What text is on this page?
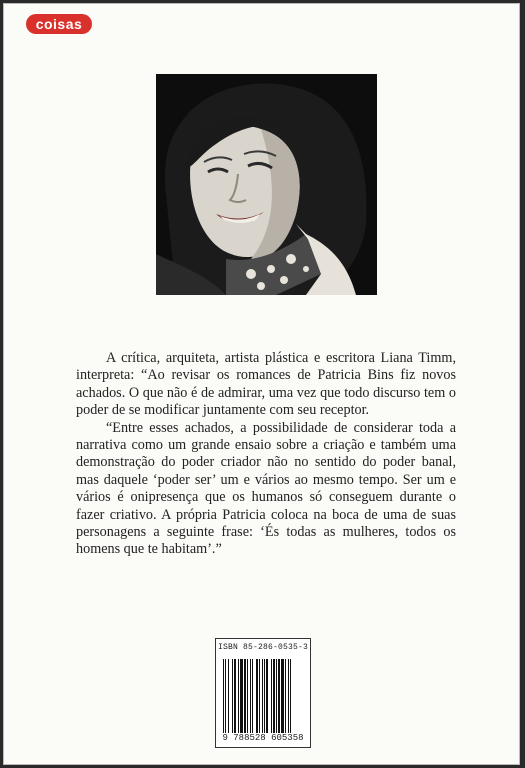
coisas

A crítica, arquiteta, artista plástica e escritora Liana Timm, interpreta: “Ao revisar os romances de Patricia Bins fiz novos achados. O que não é de admirar, uma vez que todo discurso tem o poder de se modificar juntamente com seu receptor.

“Entre esses achados, a possibilidade de considerar toda a narrativa como um grande ensaio sobre a criação e também uma demonstração do poder criador não no sentido do poder banal, mas daquele ‘poder ser’ um e vários ao mesmo tempo. Ser um e vários é onipresença que os humanos só conseguem durante o fazer criativo. A própria Patricia coloca na boca de uma de suas personagens a seguinte frase: ‘És todas as mulheres, todos os homens que te habitam’.”

ISBN 85-286-0535-3
9 788528 605358
